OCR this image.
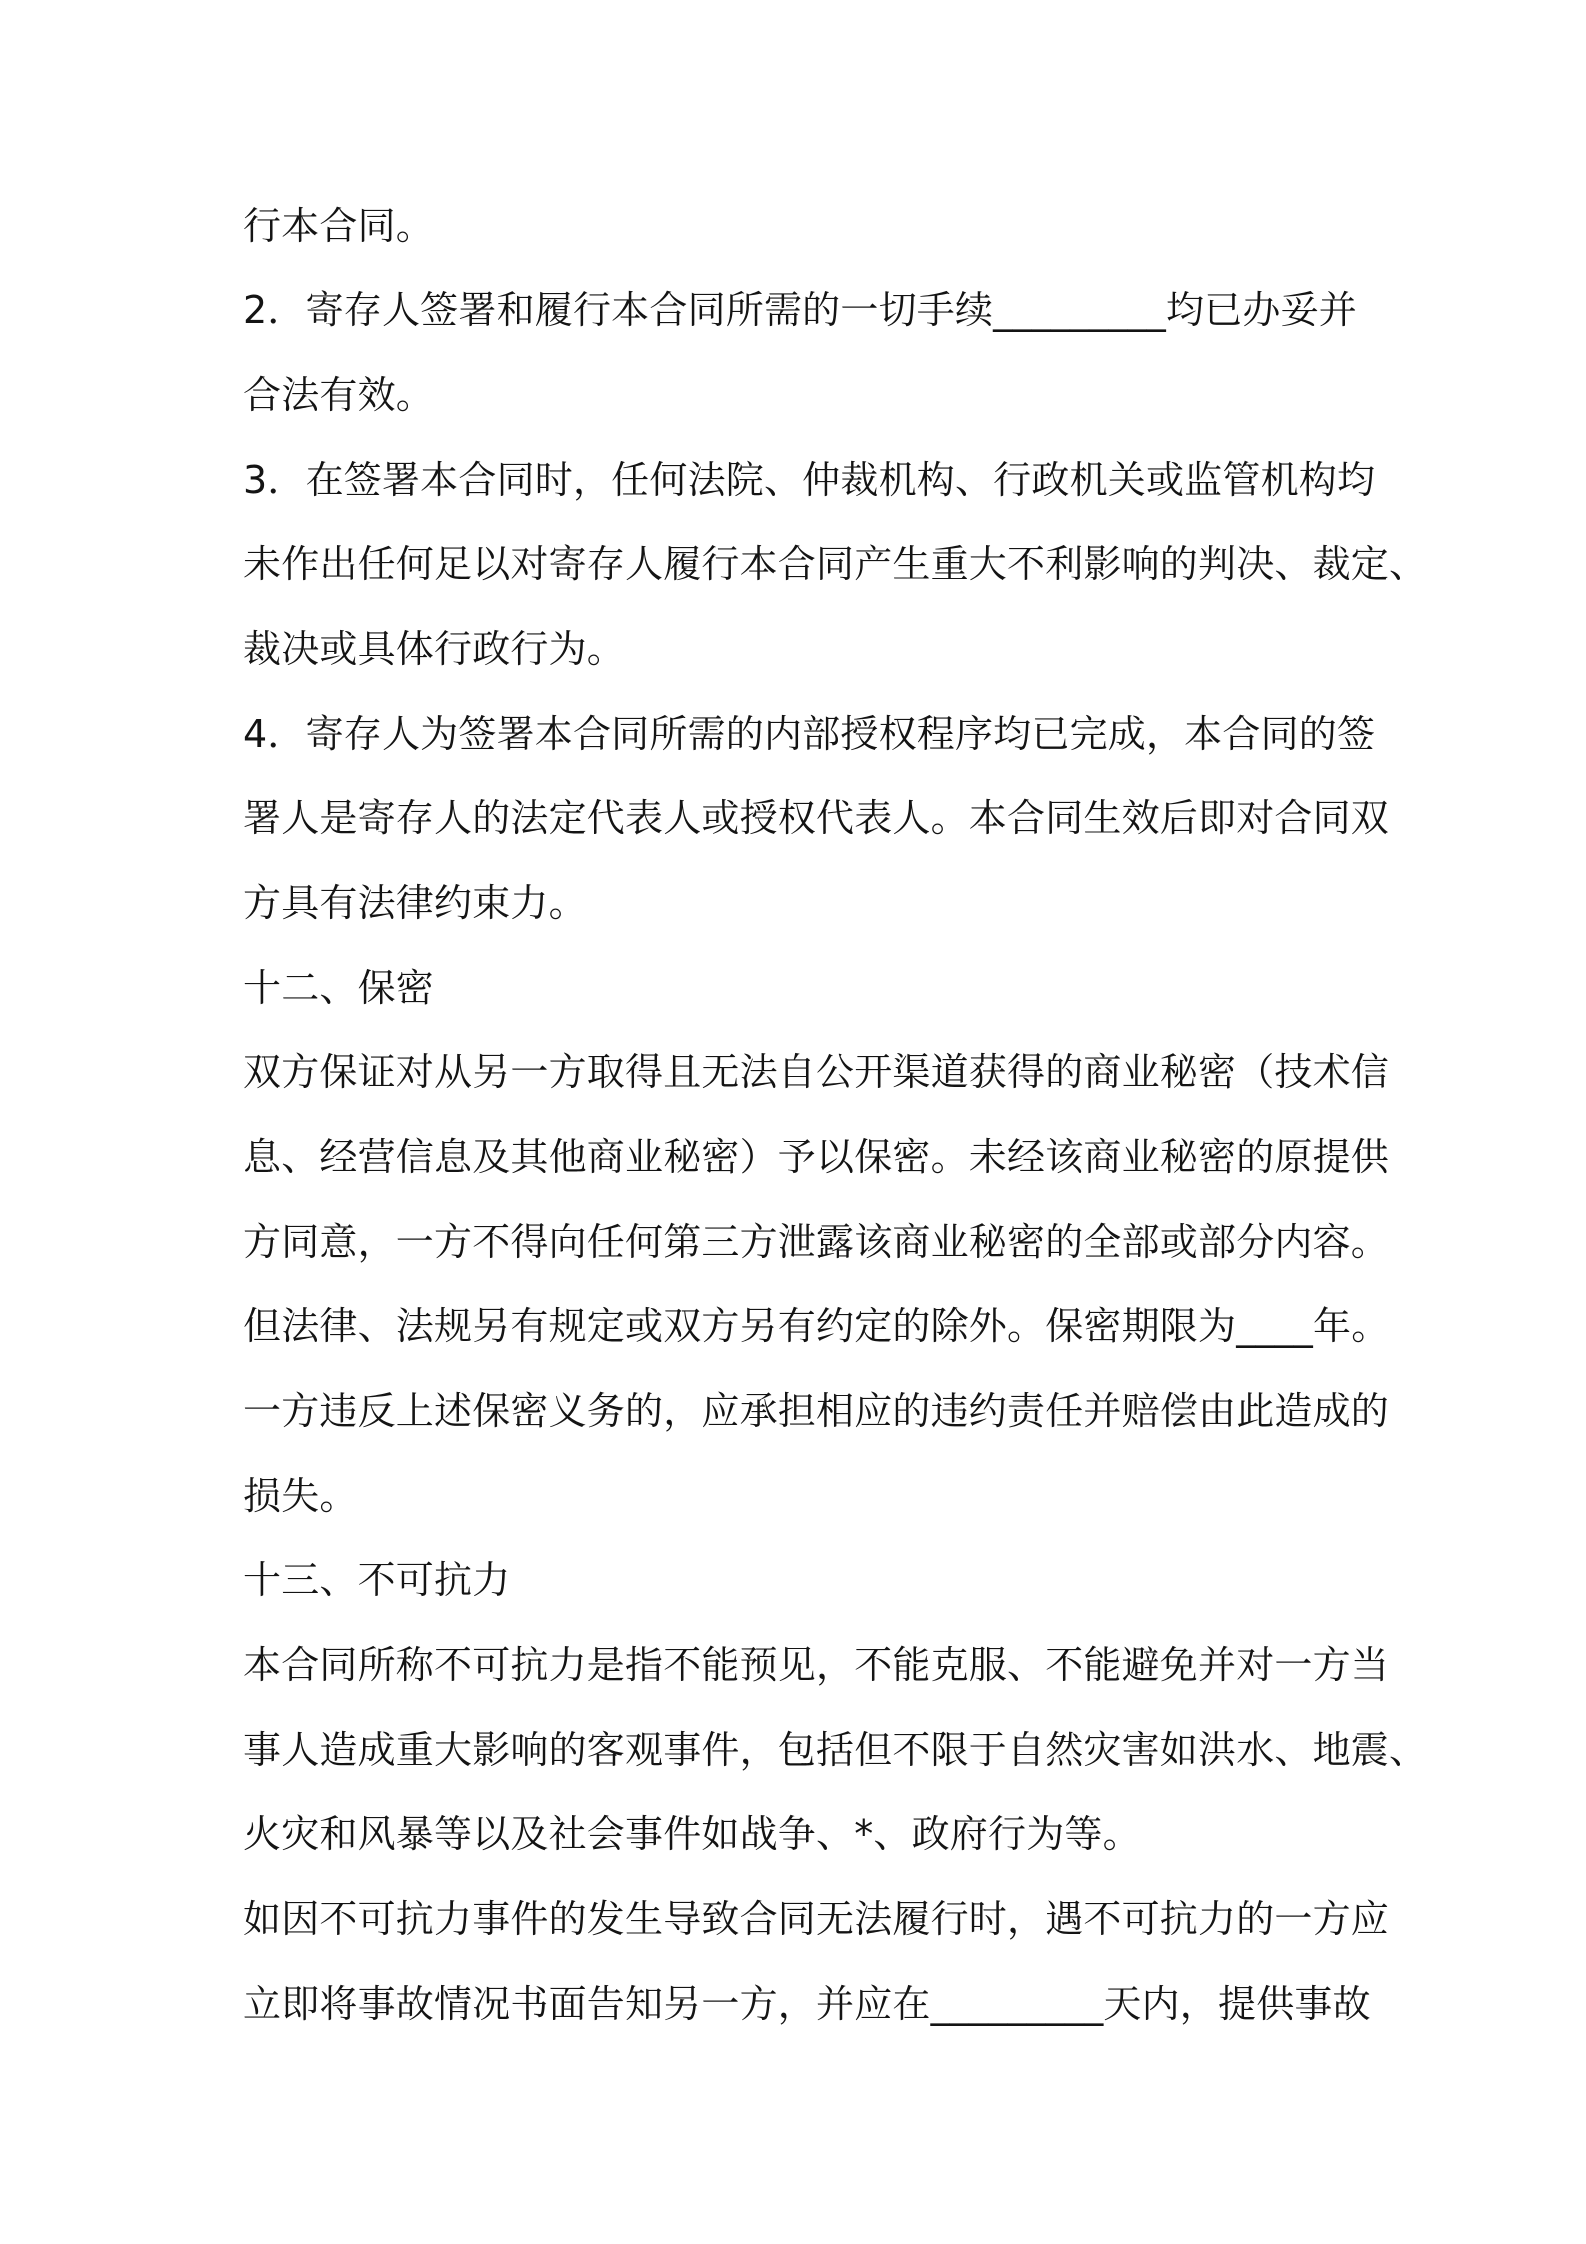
行本合同。

2．寄存人签署和履行本合同所需的一切手续_________均已办妥并

合法有效。

3．在签署本合同时，任何法院、仲裁机构、行政机关或监管机构均

未作出任何足以对寄存人履行本合同产生重大不利影响的判决、裁定、

裁决或具体行政行为。

4．寄存人为签署本合同所需的内部授权程序均已完成，本合同的签

署人是寄存人的法定代表人或授权代表人。本合同生效后即对合同双

方具有法律约束力。

十二、保密

双方保证对从另一方取得且无法自公开渠道获得的商业秘密（技术信

息、经营信息及其他商业秘密）予以保密。未经该商业秘密的原提供

方同意，一方不得向任何第三方泄露该商业秘密的全部或部分内容。

但法律、法规另有规定或双方另有约定的除外。保密期限为____年。

一方违反上述保密义务的，应承担相应的违约责任并赔偿由此造成的

损失。

十三、不可抗力

本合同所称不可抗力是指不能预见，不能克服、不能避免并对一方当

事人造成重大影响的客观事件，包括但不限于自然灾害如洪水、地震、

火灾和风暴等以及社会事件如战争、*、政府行为等。

如因不可抗力事件的发生导致合同无法履行时，遇不可抗力的一方应

立即将事故情况书面告知另一方，并应在_________天内，提供事故
